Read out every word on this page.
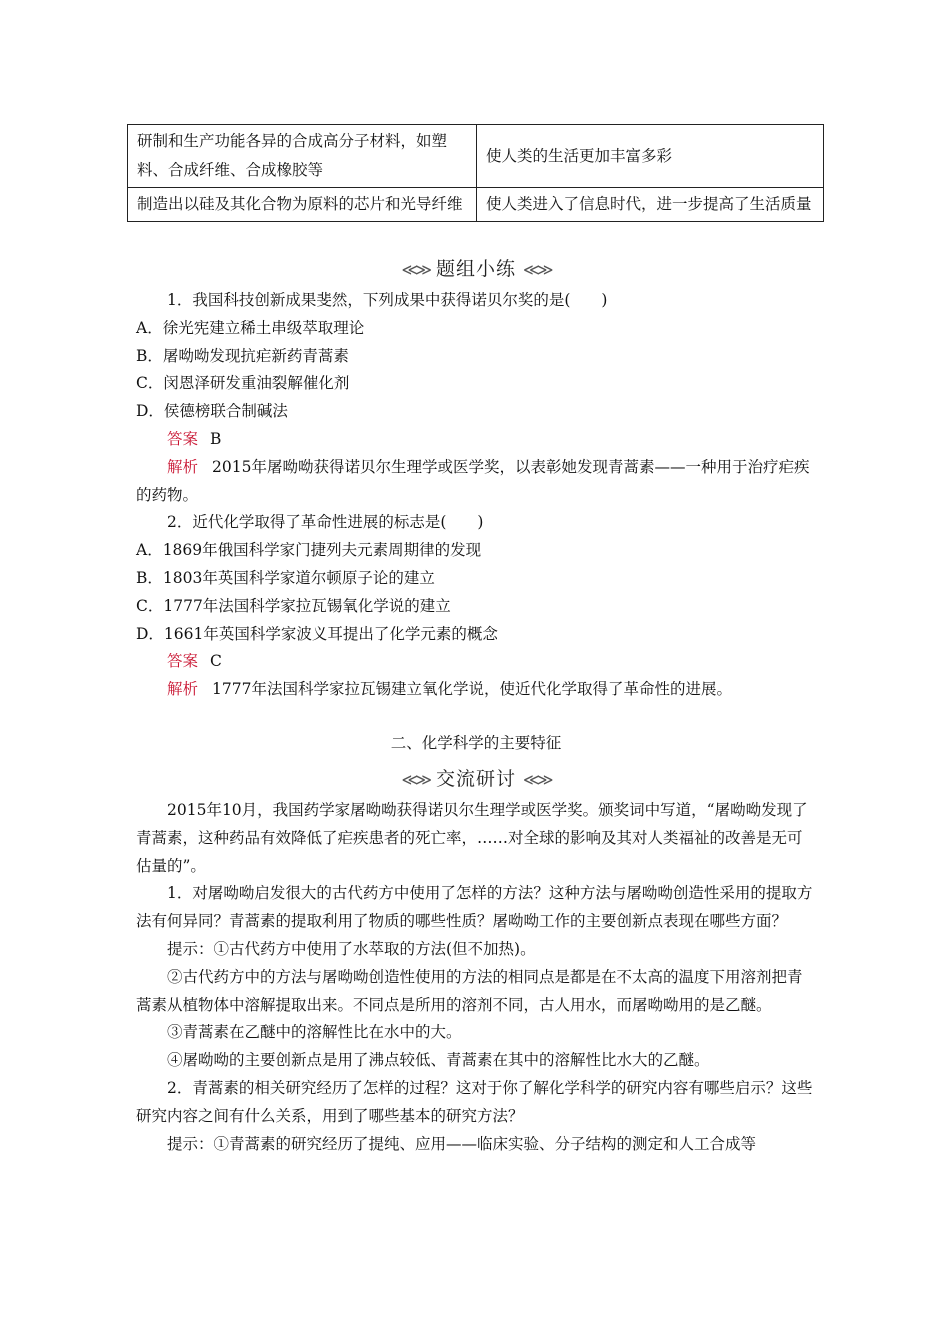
研制和生产功能各异的合成高分子材料，如塑料、合成纤维、合成橡胶等	使人类的生活更加丰富多彩
制造出以硅及其化合物为原料的芯片和光导纤维	使人类进入了信息时代，进一步提高了生活质量
≪≫ 题组小练 ≪≫
1．我国科技创新成果斐然，下列成果中获得诺贝尔奖的是(　　)
A．徐光宪建立稀土串级萃取理论
B．屠呦呦发现抗疟新药青蒿素
C．闵恩泽研发重油裂解催化剂
D．侯德榜联合制碱法
答案 B
解析 2015年屠呦呦获得诺贝尔生理学或医学奖，以表彰她发现青蒿素——一种用于治疗疟疾的药物。
2．近代化学取得了革命性进展的标志是(　　)
A．1869年俄国科学家门捷列夫元素周期律的发现
B．1803年英国科学家道尔顿原子论的建立
C．1777年法国科学家拉瓦锡氧化学说的建立
D．1661年英国科学家波义耳提出了化学元素的概念
答案 C
解析 1777年法国科学家拉瓦锡建立氧化学说，使近代化学取得了革命性的进展。
二、化学科学的主要特征
≪≫ 交流研讨 ≪≫
2015年10月，我国药学家屠呦呦获得诺贝尔生理学或医学奖。颁奖词中写道，“屠呦呦发现了青蒿素，这种药品有效降低了疟疾患者的死亡率，……对全球的影响及其对人类福祉的改善是无可估量的”。
1．对屠呦呦启发很大的古代药方中使用了怎样的方法？这种方法与屠呦呦创造性采用的提取方法有何异同？青蒿素的提取利用了物质的哪些性质？屠呦呦工作的主要创新点表现在哪些方面？
提示：①古代药方中使用了水萃取的方法(但不加热)。
②古代药方中的方法与屠呦呦创造性使用的方法的相同点是都是在不太高的温度下用溶剂把青蒿素从植物体中溶解提取出来。不同点是所用的溶剂不同，古人用水，而屠呦呦用的是乙醚。
③青蒿素在乙醚中的溶解性比在水中的大。
④屠呦呦的主要创新点是用了沸点较低、青蒿素在其中的溶解性比水大的乙醚。
2．青蒿素的相关研究经历了怎样的过程？这对于你了解化学科学的研究内容有哪些启示？这些研究内容之间有什么关系，用到了哪些基本的研究方法？
提示：①青蒿素的研究经历了提纯、应用——临床实验、分子结构的测定和人工合成等
